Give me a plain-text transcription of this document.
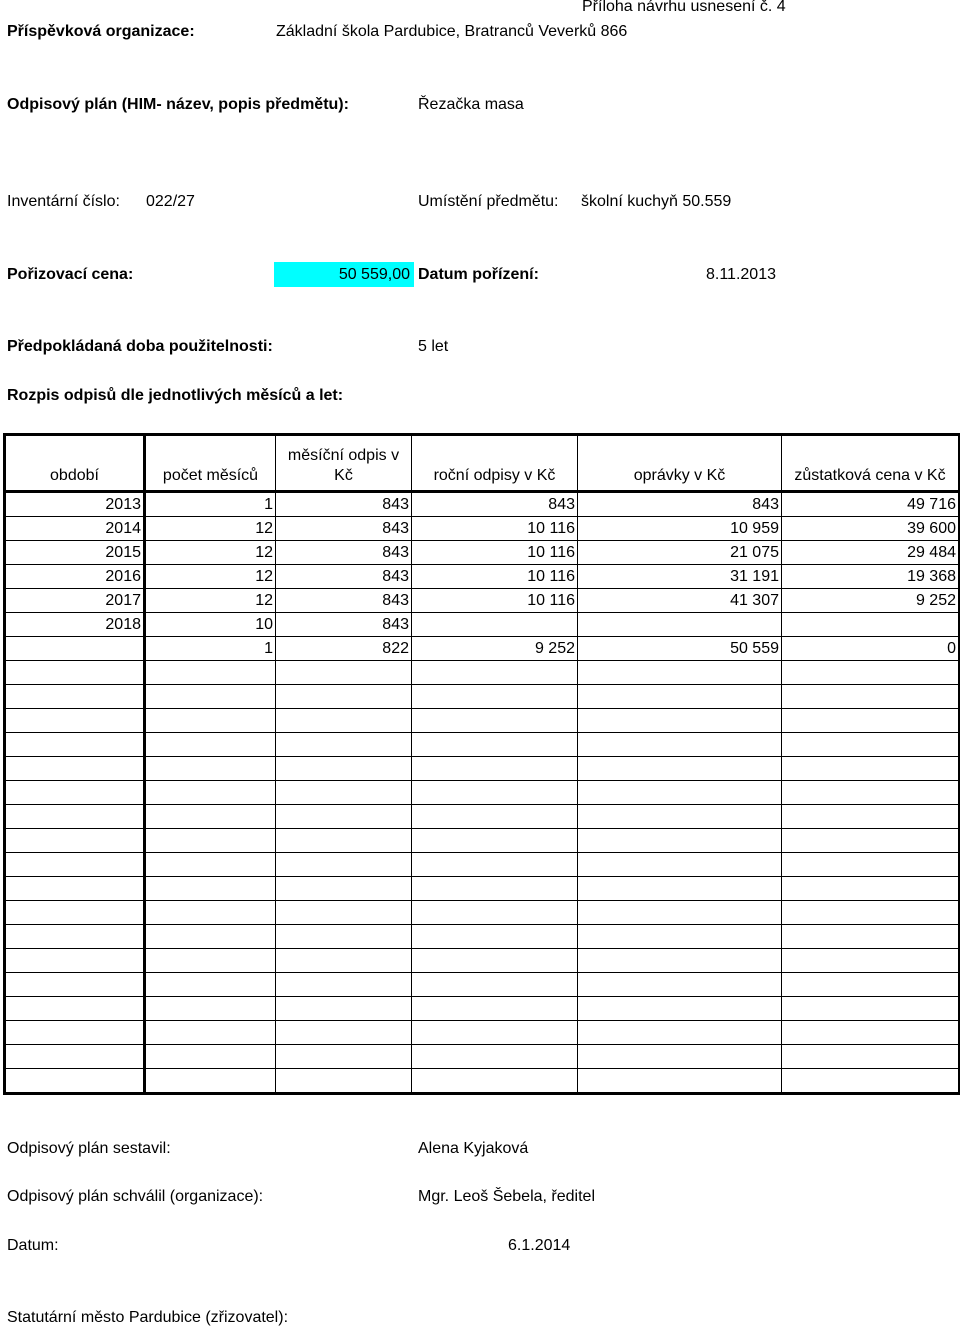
Příloha návrhu usnesení č. 4
Příspěvková organizace:	Základní škola Pardubice, Bratranců Veverků 866
Odpisový plán (HIM- název, popis předmětu):	Řezačka masa
Inventární číslo: 022/27	Umístění předmětu: školní kuchyň 50.559
Pořizovací cena:	50 559,00 Datum pořízení:	8.11.2013
Předpokládaná doba použitelnosti:	5 let
Rozpis odpisů dle jednotlivých měsíců a let:
období	počet měsíců	měsíční odpis v Kč	roční odpisy v Kč	oprávky v Kč	zůstatková cena v Kč
2013	1	843	843	843	49 716
2014	12	843	10 116	10 959	39 600
2015	12	843	10 116	21 075	29 484
2016	12	843	10 116	31 191	19 368
2017	12	843	10 116	41 307	9 252
2018	10	843			
	1	822	9 252	50 559	0

Odpisový plán sestavil:	Alena Kyjaková
Odpisový plán schválil (organizace):	Mgr. Leoš Šebela, ředitel
Datum:	6.1.2014
Statutární město Pardubice (zřizovatel):
